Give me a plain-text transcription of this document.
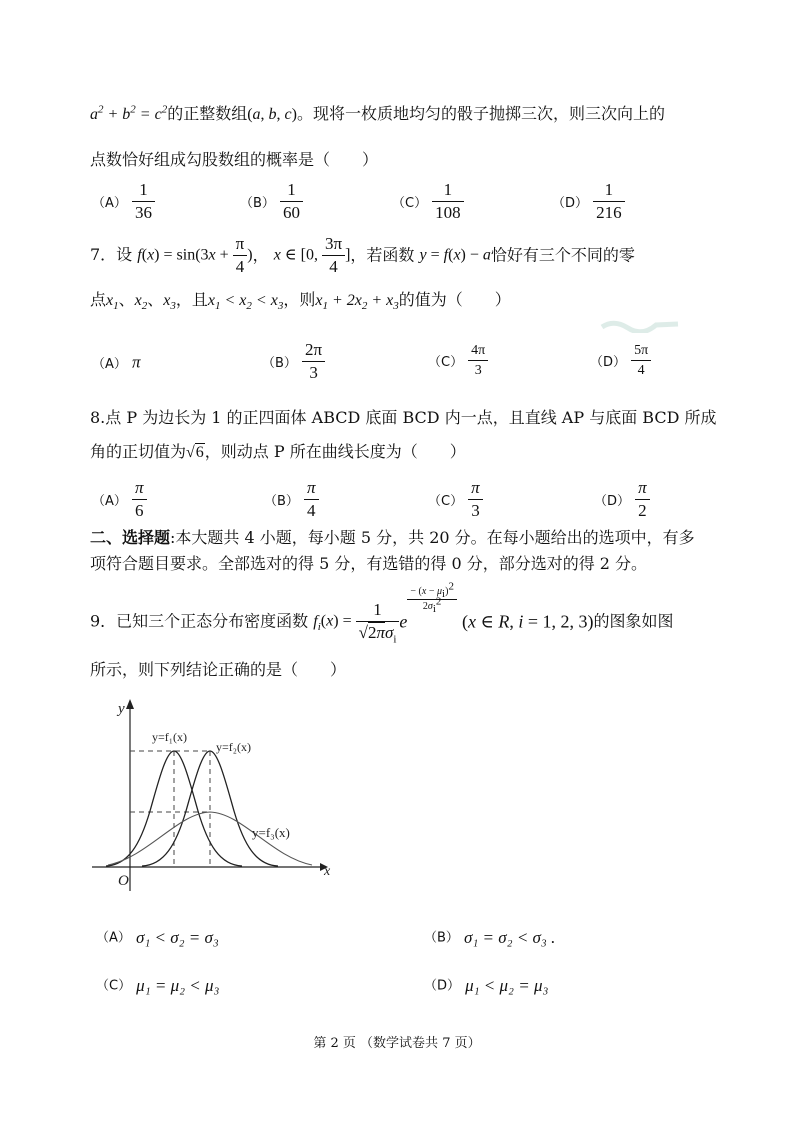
$a^2 + b^2 = c^2$的正整数组(a, b, c)。现将一枚质地均匀的骰子抛掷三次，则三次向上的
点数恰好组成勾股数组的概率是（　　）
$(A) \frac{1}{36}$	$(B) \frac{1}{60}$	$(C) \frac{1}{108}$	$(D) \frac{1}{216}$
7．设 $f(x) = \sin(3x + \frac{\pi}{4}$ )， x ∈ [0, $\frac{3\pi}{4}$ ]，若函数 y = f(x) − a恰好有三个不同的零
点$x_1$、$x_2$、$x_3$，且$x_1 < x_2 < x_3$，则$x_1 + 2x_2 + x_3$的值为（　　）
（A） π	$(B) \frac{2\pi}{3}$	$(C) \frac{4\pi}{3}$	$(D) \frac{5\pi}{4}$
8.点 P 为边长为 1 的正四面体 ABCD 底面 BCD 内一点，且直线 AP 与底面 BCD 所成
角的正切值为√6，则动点 P 所在曲线长度为（　　）
$(A) \frac{\pi}{6}$	$(B) \frac{\pi}{4}$	$(C) \frac{\pi}{3}$	$(D) \frac{\pi}{2}$
二、选择题:本大题共 4 小题，每小题 5 分，共 20 分。在每小题给出的选项中，有多
项符合题目要求。全部选对的得 5 分，有选错的得 0 分，部分选对的得 2 分。
9．已知三个正态分布密度函数 $f_i(x) = \frac{1}{√2\pi\sigma_i}$ e
$\frac{- (x - \mu_i)^2}{2\sigma_i^2}$
(x ∈ R, i = 1, 2, 3)的图象如图
所示，则下列结论正确的是（　　）
y
x
O
y=f₁(x)
y=f₂(x)
y=f₃(x)
（A） σ₁ < σ₂ = σ₃	（B） σ₁ = σ₂ < σ₃ .
（C） μ₁ = μ₂ < μ₃	（D） μ₁ < μ₂ = μ₃
第 2 页 （数学试卷共 7 页）
